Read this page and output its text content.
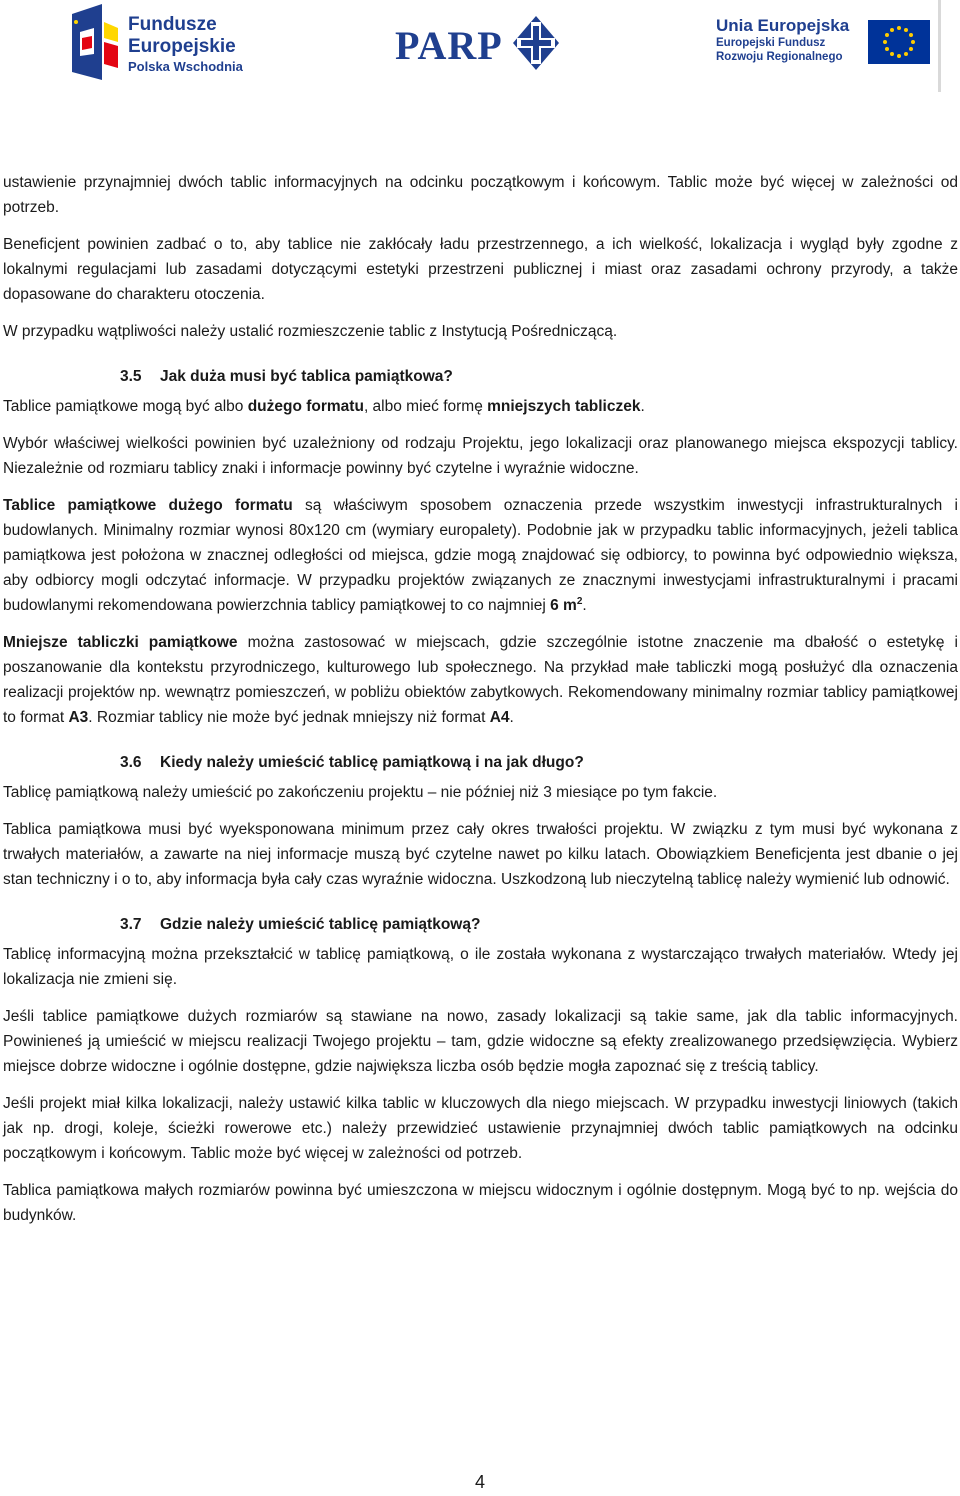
Fundusze
Europejskie
Polska Wschodnia	PARP	Unia Europejska
Europejski Fundusz
Rozwoju Regionalnego

ustawienie przynajmniej dwóch tablic informacyjnych na odcinku początkowym i końcowym. Tablic może być więcej w zależności od potrzeb.

Beneficjent powinien zadbać o to, aby tablice nie zakłócały ładu przestrzennego, a ich wielkość, lokalizacja i wygląd były zgodne z lokalnymi regulacjami lub zasadami dotyczącymi estetyki przestrzeni publicznej i miast oraz zasadami ochrony przyrody, a także dopasowane do charakteru otoczenia.

W przypadku wątpliwości należy ustalić rozmieszczenie tablic z Instytucją Pośredniczącą.

3.5 Jak duża musi być tablica pamiątkowa?

Tablice pamiątkowe mogą być albo dużego formatu, albo mieć formę mniejszych tabliczek.

Wybór właściwej wielkości powinien być uzależniony od rodzaju Projektu, jego lokalizacji oraz planowanego miejsca ekspozycji tablicy. Niezależnie od rozmiaru tablicy znaki i informacje powinny być czytelne i wyraźnie widoczne.

Tablice pamiątkowe dużego formatu są właściwym sposobem oznaczenia przede wszystkim inwestycji infrastrukturalnych i budowlanych. Minimalny rozmiar wynosi 80x120 cm (wymiary europalety). Podobnie jak w przypadku tablic informacyjnych, jeżeli tablica pamiątkowa jest położona w znacznej odległości od miejsca, gdzie mogą znajdować się odbiorcy, to powinna być odpowiednio większa, aby odbiorcy mogli odczytać informacje. W przypadku projektów związanych ze znacznymi inwestycjami infrastrukturalnymi i pracami budowlanymi rekomendowana powierzchnia tablicy pamiątkowej to co najmniej 6 $m^2$.

Mniejsze tabliczki pamiątkowe można zastosować w miejscach, gdzie szczególnie istotne znaczenie ma dbałość o estetykę i poszanowanie dla kontekstu przyrodniczego, kulturowego lub społecznego. Na przykład małe tabliczki mogą posłużyć dla oznaczenia realizacji projektów np. wewnątrz pomieszczeń, w pobliżu obiektów zabytkowych. Rekomendowany minimalny rozmiar tablicy pamiątkowej to format A3. Rozmiar tablicy nie może być jednak mniejszy niż format A4.

3.6 Kiedy należy umieścić tablicę pamiątkową i na jak długo?

Tablicę pamiątkową należy umieścić po zakończeniu projektu – nie później niż 3 miesiące po tym fakcie.

Tablica pamiątkowa musi być wyeksponowana minimum przez cały okres trwałości projektu. W związku z tym musi być wykonana z trwałych materiałów, a zawarte na niej informacje muszą być czytelne nawet po kilku latach. Obowiązkiem Beneficjenta jest dbanie o jej stan techniczny i o to, aby informacja była cały czas wyraźnie widoczna. Uszkodzoną lub nieczytelną tablicę należy wymienić lub odnowić.

3.7 Gdzie należy umieścić tablicę pamiątkową?

Tablicę informacyjną można przekształcić w tablicę pamiątkową, o ile została wykonana z wystarczająco trwałych materiałów. Wtedy jej lokalizacja nie zmieni się.

Jeśli tablice pamiątkowe dużych rozmiarów są stawiane na nowo, zasady lokalizacji są takie same, jak dla tablic informacyjnych. Powinieneś ją umieścić w miejscu realizacji Twojego projektu – tam, gdzie widoczne są efekty zrealizowanego przedsięwzięcia. Wybierz miejsce dobrze widoczne i ogólnie dostępne, gdzie największa liczba osób będzie mogła zapoznać się z treścią tablicy.

Jeśli projekt miał kilka lokalizacji, należy ustawić kilka tablic w kluczowych dla niego miejscach. W przypadku inwestycji liniowych (takich jak np. drogi, koleje, ścieżki rowerowe etc.) należy przewidzieć ustawienie przynajmniej dwóch tablic pamiątkowych na odcinku początkowym i końcowym. Tablic może być więcej w zależności od potrzeb.

Tablica pamiątkowa małych rozmiarów powinna być umieszczona w miejscu widocznym i ogólnie dostępnym. Mogą być to np. wejścia do budynków.

4
